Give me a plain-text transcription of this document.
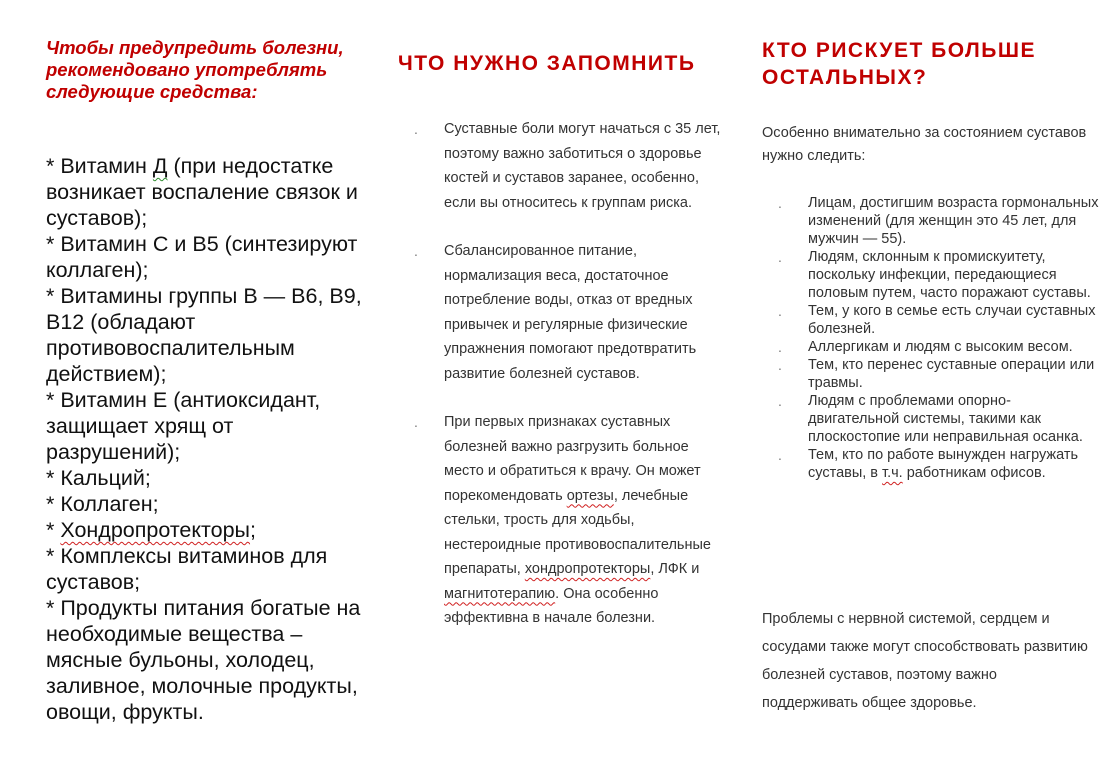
Чтобы предупредить болезни, рекомендовано употреблять следующие средства:

* Витамин Д (при недостатке возникает воспаление связок и суставов);
* Витамин С и В5 (синтезируют коллаген);
* Витамины группы В — В6, В9, В12 (обладают противовоспалительным действием);
* Витамин Е (антиоксидант, защищает хрящ от разрушений);
* Кальций;
* Коллаген;
* Хондропротекторы;
* Комплексы витаминов для суставов;
* Продукты питания богатые на необходимые вещества – мясные бульоны, холодец, заливное, молочные продукты, овощи, фрукты.
ЧТО НУЖНО ЗАПОМНИТЬ
. Суставные боли могут начаться с 35 лет, поэтому важно заботиться о здоровье костей и суставов заранее, особенно, если вы относитесь к группам риска.
. Сбалансированное питание, нормализация веса, достаточное потребление воды, отказ от вредных привычек и регулярные физические упражнения помогают предотвратить развитие болезней суставов.
. При первых признаках суставных болезней важно разгрузить больное место и обратиться к врачу. Он может порекомендовать ортезы, лечебные стельки, трость для ходьбы, нестероидные противовоспалительные препараты, хондропротекторы, ЛФК и магнитотерапию. Она особенно эффективна в начале болезни.
КТО РИСКУЕТ БОЛЬШЕ ОСТАЛЬНЫХ?

Особенно внимательно за состоянием суставов нужно следить:

. Лицам, достигшим возраста гормональных изменений (для женщин это 45 лет, для мужчин — 55).
. Людям, склонным к промискуитету, поскольку инфекции, передающиеся половым путем, часто поражают суставы.
. Тем, у кого в семье есть случаи суставных болезней.
. Аллергикам и людям с высоким весом.
. Тем, кто перенес суставные операции или травмы.
. Людям с проблемами опорно-двигательной системы, такими как плоскостопие или неправильная осанка.
. Тем, кто по работе вынужден нагружать суставы, в т.ч. работникам офисов.

Проблемы с нервной системой, сердцем и сосудами также могут способствовать развитию болезней суставов, поэтому важно поддерживать общее здоровье.
